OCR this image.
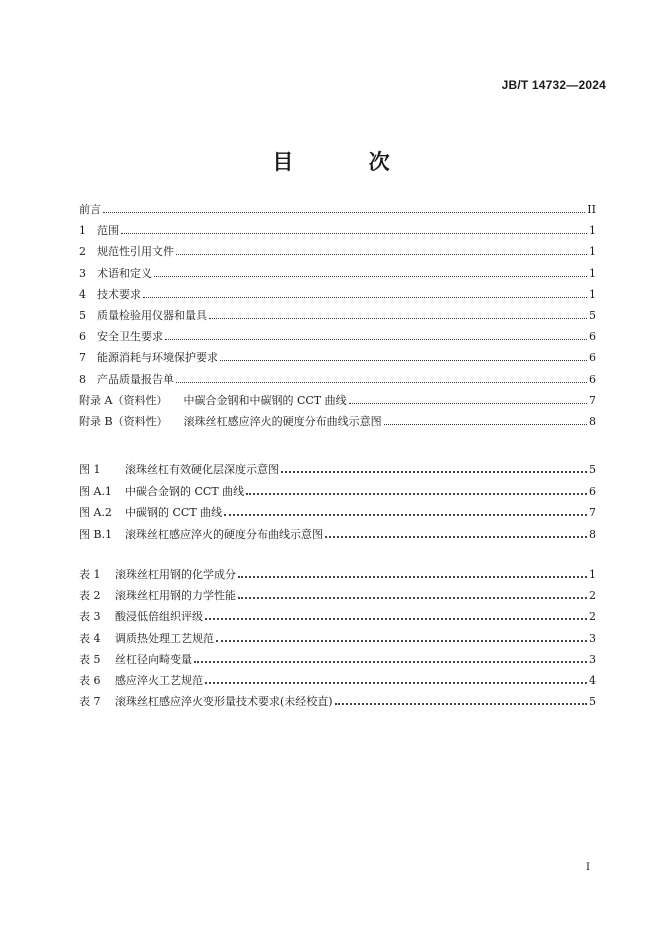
JB/T 14732—2024
目 次
前言	II
1	范围	1
2	规范性引用文件	1
3	术语和定义	1
4	技术要求	1
5	质量检验用仪器和量具	5
6	安全卫生要求	6
7	能源消耗与环境保护要求	6
8	产品质量报告单	6
附录 A（资料性） 中碳合金钢和中碳钢的 CCT 曲线	7
附录 B（资料性） 滚珠丝杠感应淬火的硬度分布曲线示意图	8
图 1	滚珠丝杠有效硬化层深度示意图	5
图 A.1 中碳合金钢的 CCT 曲线	6
图 A.2 中碳钢的 CCT 曲线	7
图 B.1 滚珠丝杠感应淬火的硬度分布曲线示意图	8
表 1	滚珠丝杠用钢的化学成分	1
表 2	滚珠丝杠用钢的力学性能	2
表 3	酸浸低倍组织评级	2
表 4	调质热处理工艺规范	3
表 5	丝杠径向畸变量	3
表 6	感应淬火工艺规范	4
表 7	滚珠丝杠感应淬火变形量技术要求(未经校直)	5
I
